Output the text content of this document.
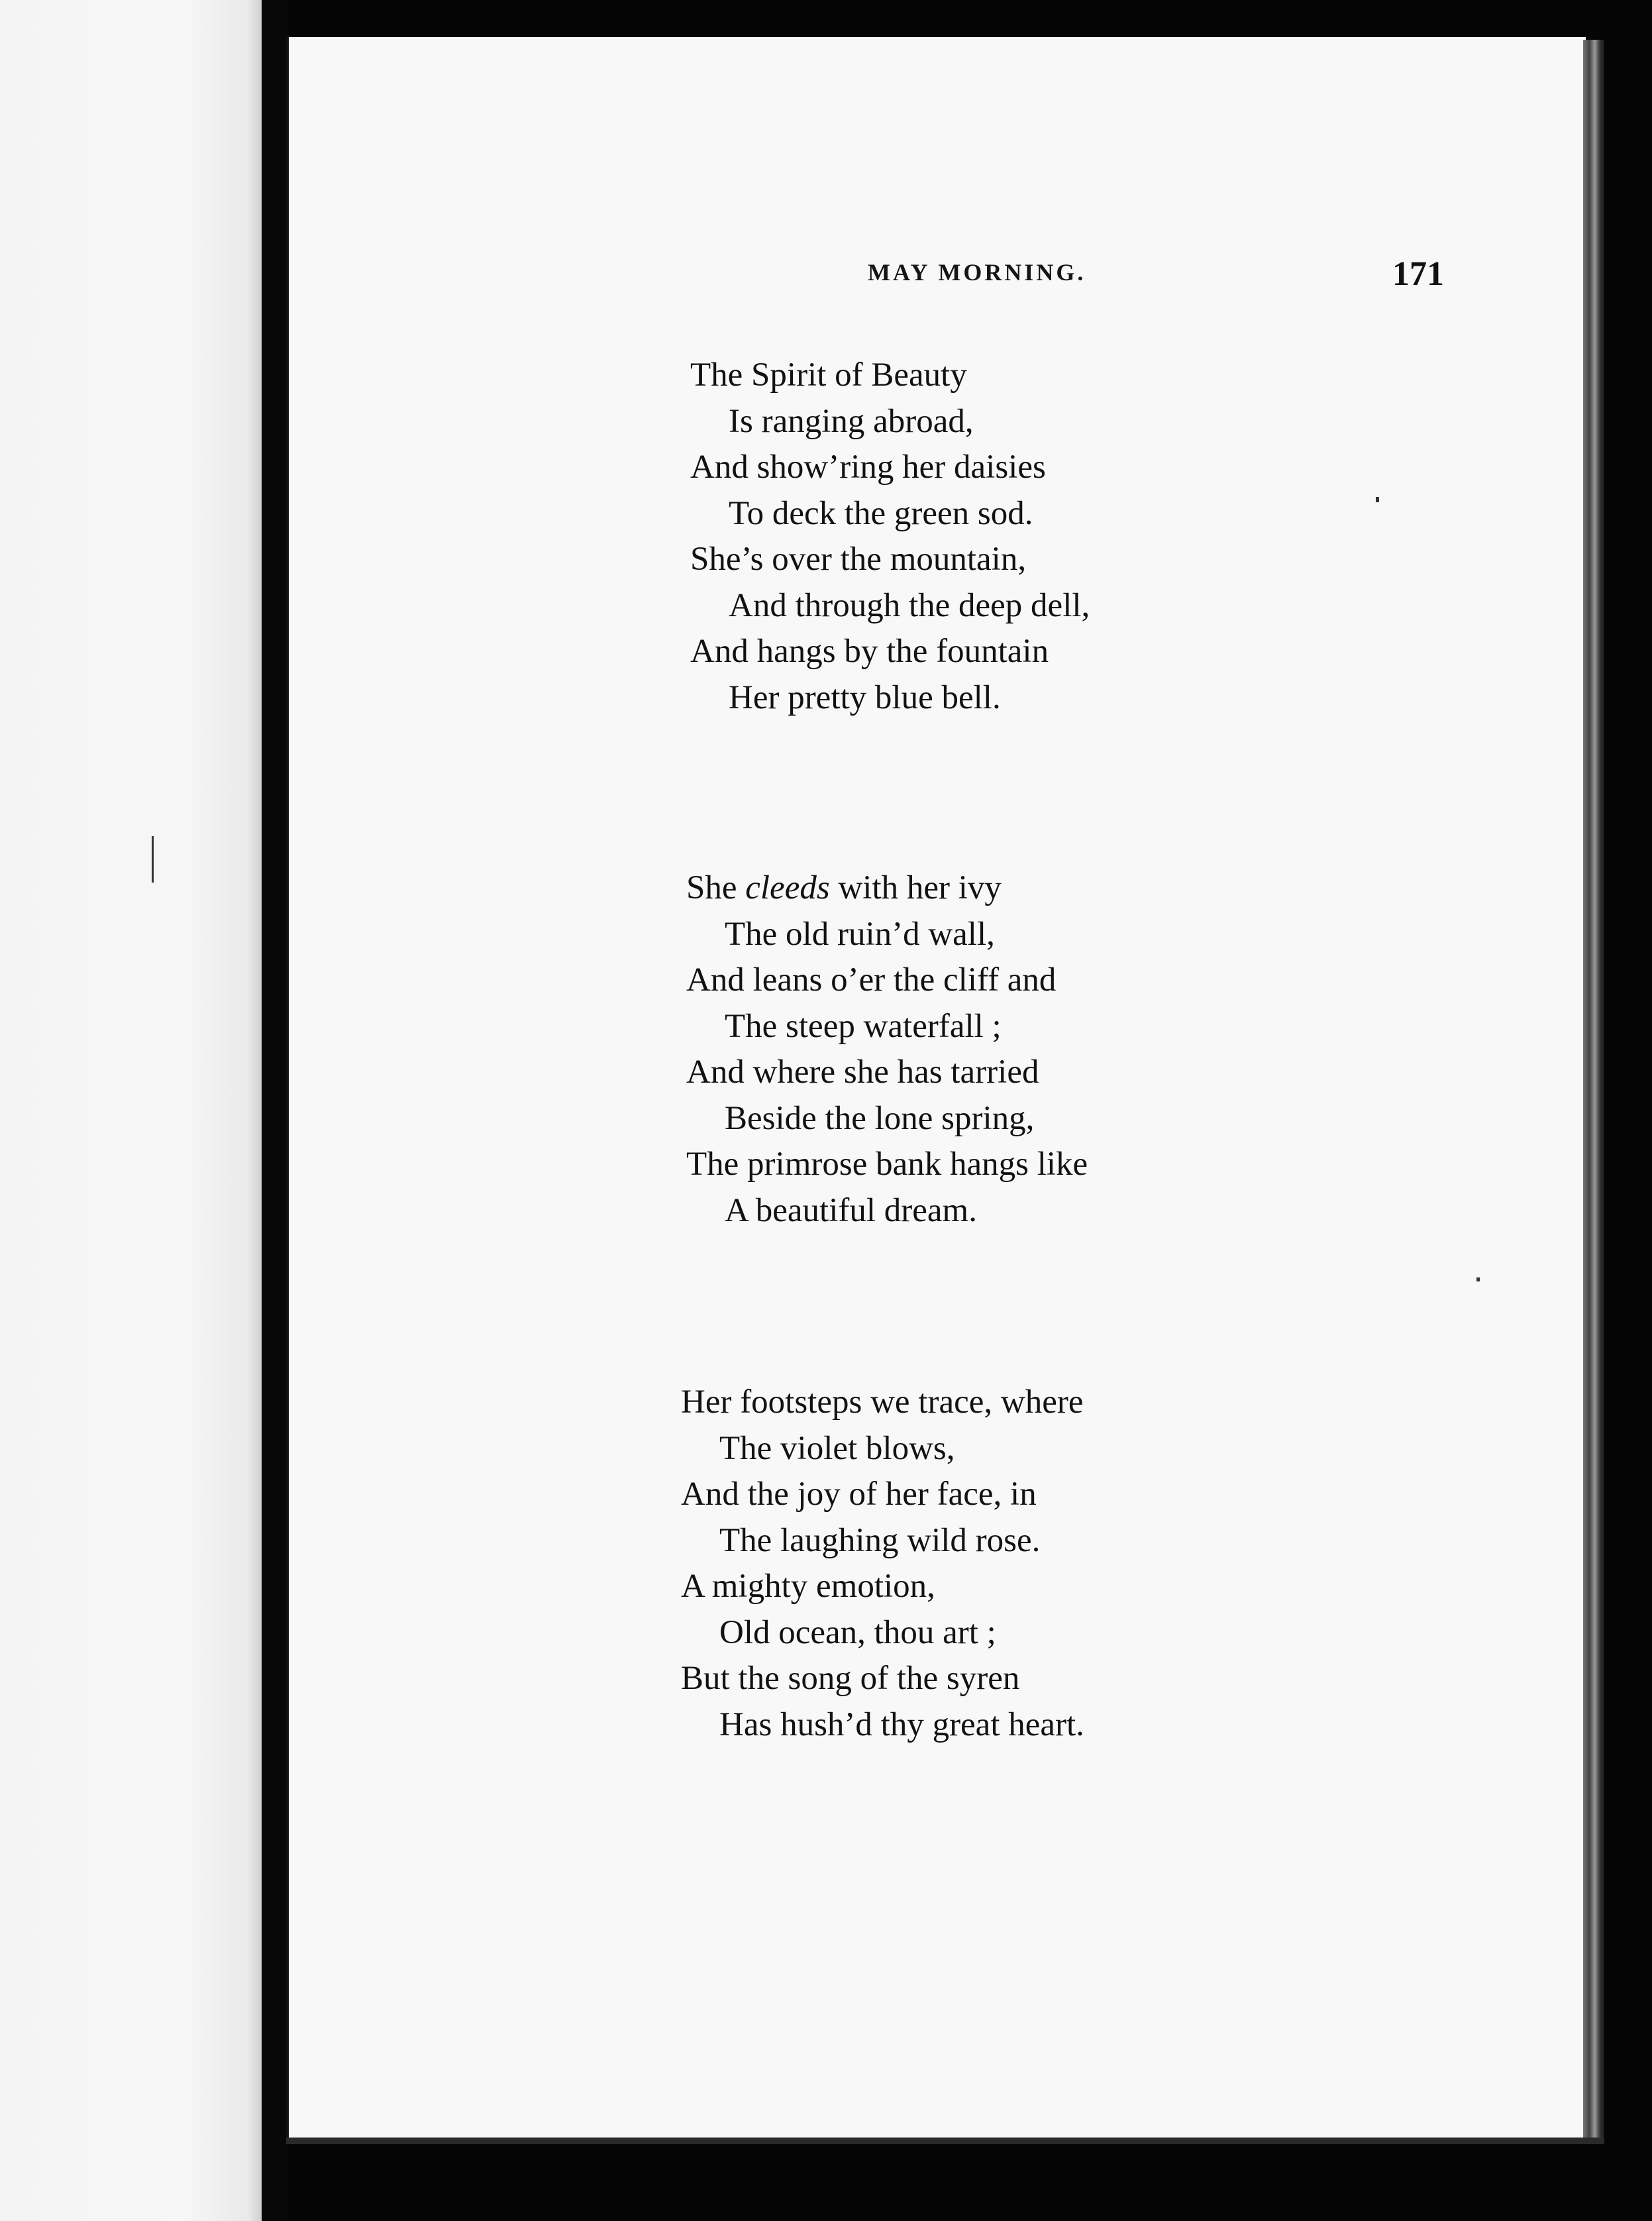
MAY MORNING.	171
The Spirit of Beauty
Is ranging abroad,
And show’ring her daisies
To deck the green sod.
She’s over the mountain,
And through the deep dell,
And hangs by the fountain
Her pretty blue bell.
She cleeds with her ivy
The old ruin’d wall,
And leans o’er the cliff and
The steep waterfall ;
And where she has tarried
Beside the lone spring,
The primrose bank hangs like
A beautiful dream.
Her footsteps we trace, where
The violet blows,
And the joy of her face, in
The laughing wild rose.
A mighty emotion,
Old ocean, thou art ;
But the song of the syren
Has hush’d thy great heart.
